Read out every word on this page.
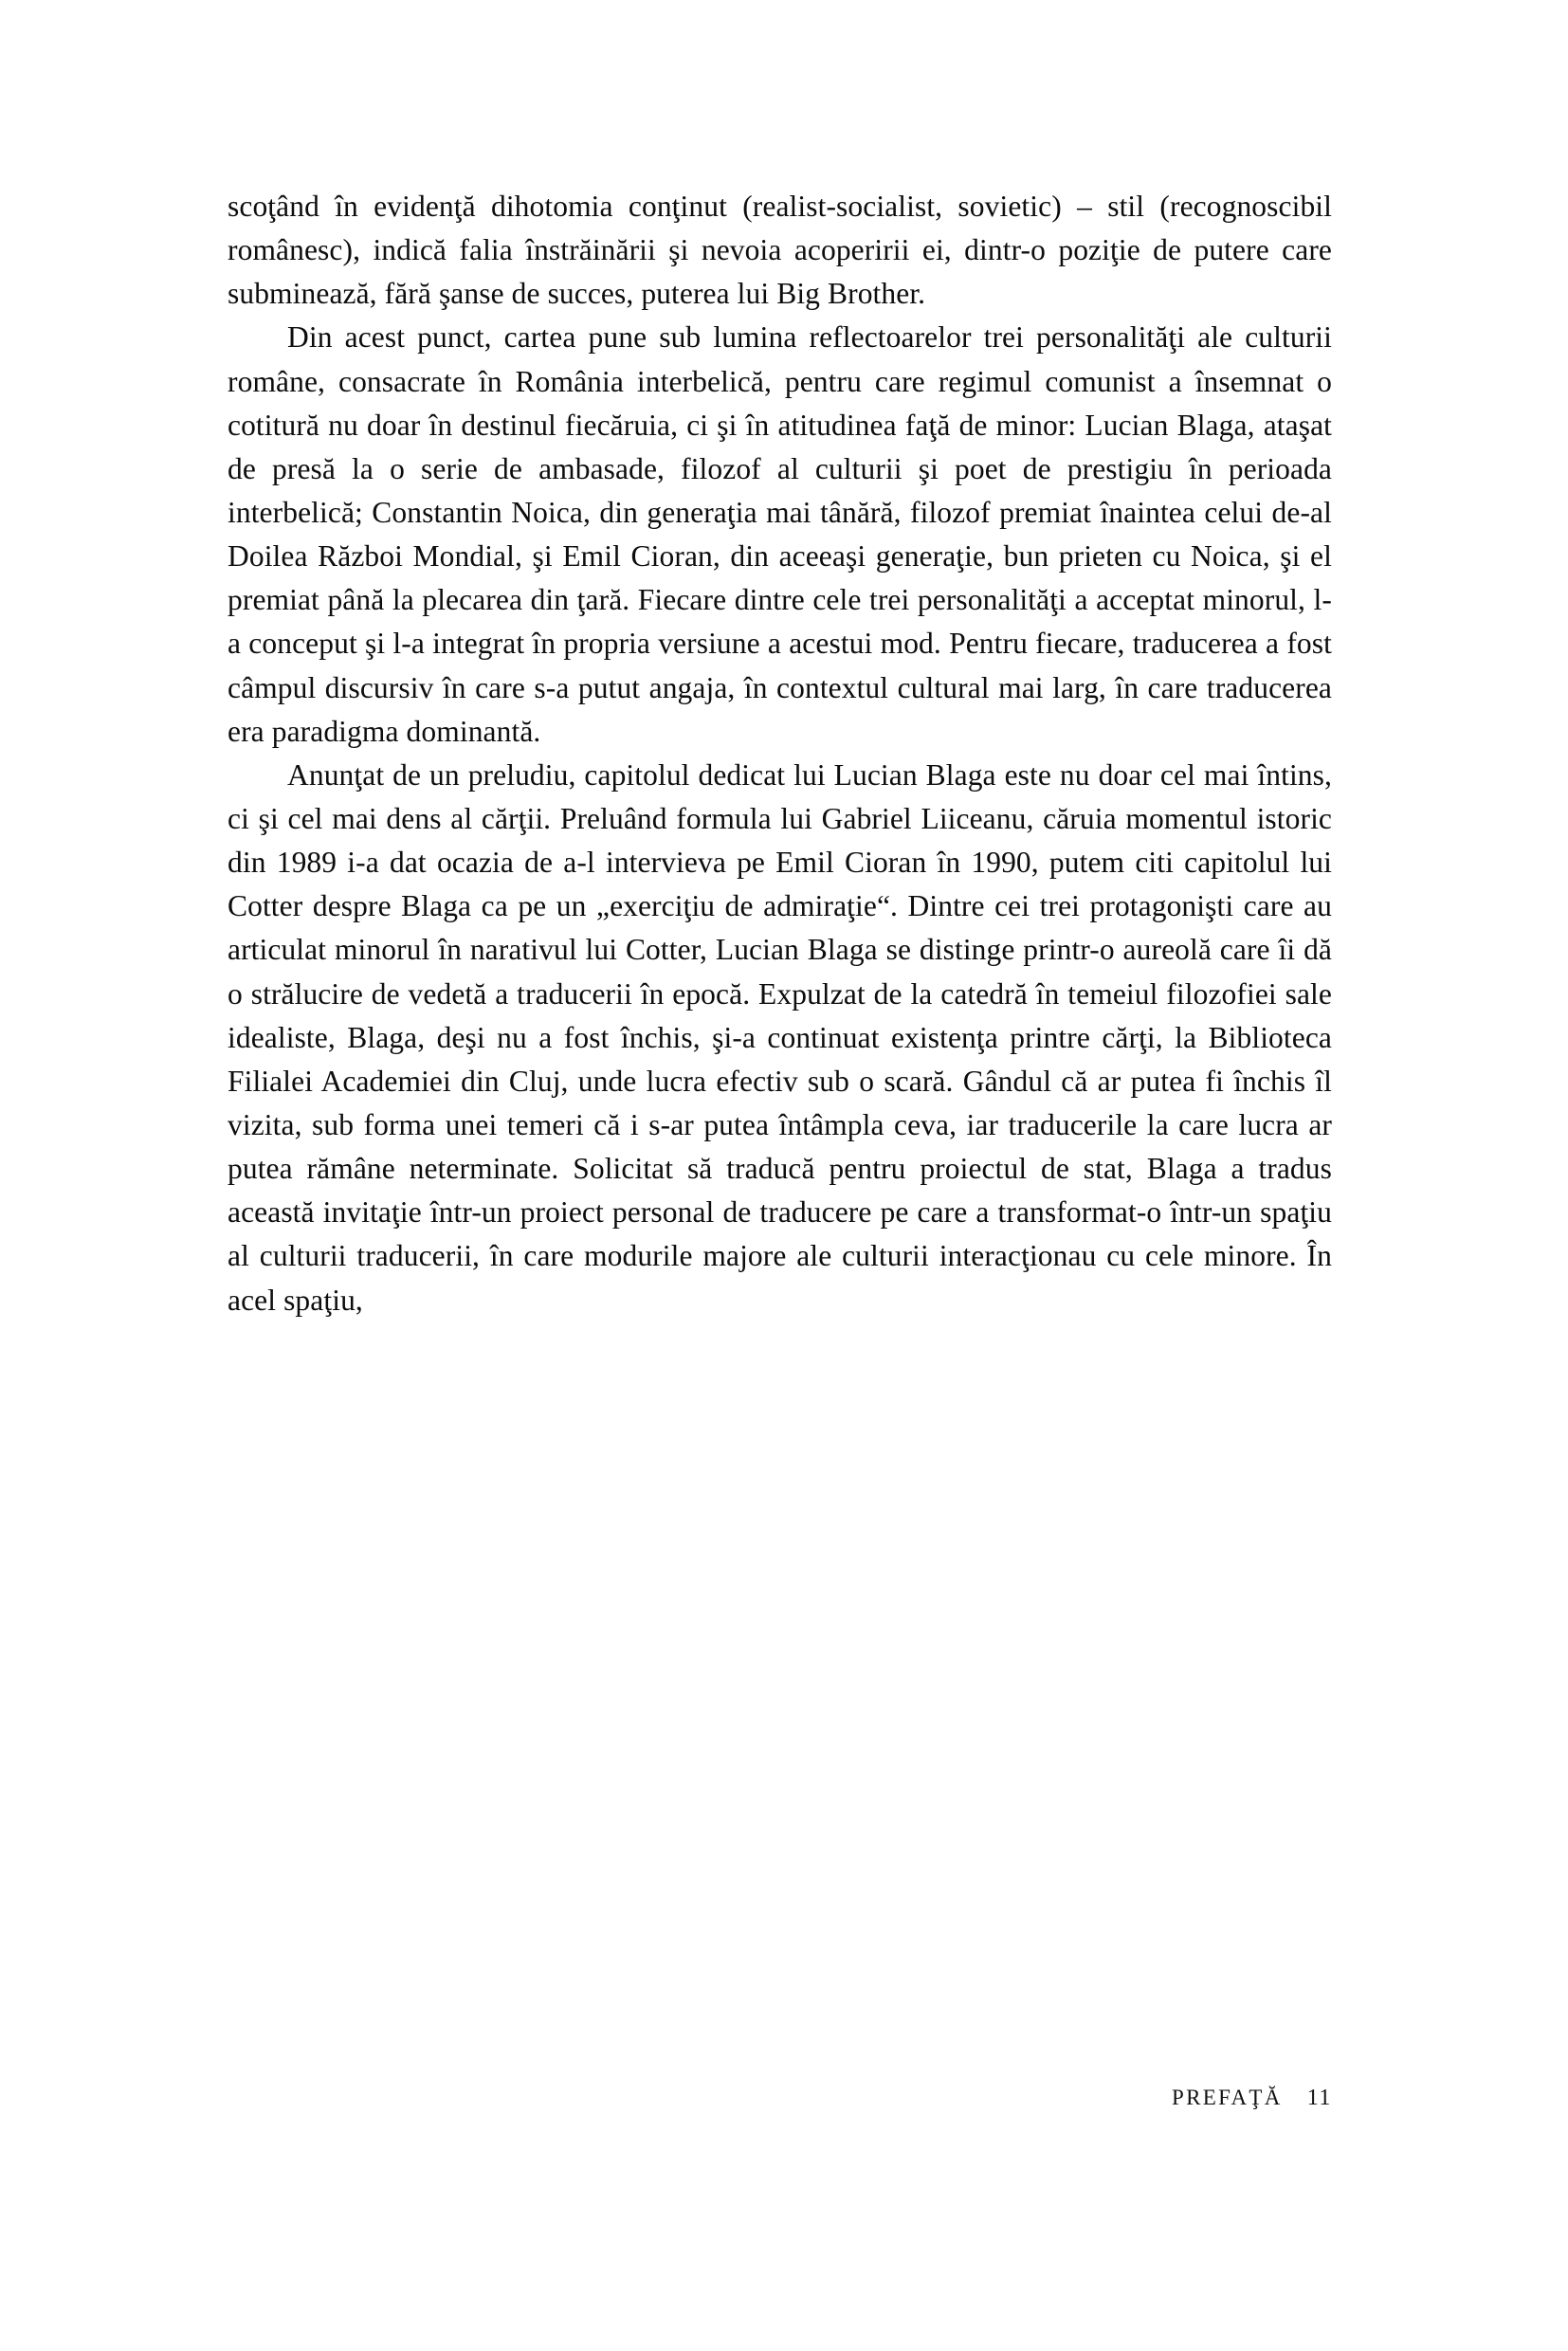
scoţând în evidenţă dihotomia conţinut (realist-socialist, sovietic) – stil (recognoscibil românesc), indică falia înstrăinării şi nevoia acoperirii ei, dintr-o poziţie de putere care subminează, fără şanse de succes, puterea lui Big Brother.

Din acest punct, cartea pune sub lumina reflectoarelor trei personalităţi ale culturii române, consacrate în România interbelică, pentru care regimul comunist a însemnat o cotitură nu doar în destinul fiecăruia, ci şi în atitudinea faţă de minor: Lucian Blaga, ataşat de presă la o serie de ambasade, filozof al culturii şi poet de prestigiu în perioada interbelică; Constantin Noica, din generaţia mai tânără, filozof premiat înaintea celui de-al Doilea Război Mondial, şi Emil Cioran, din aceeaşi generaţie, bun prieten cu Noica, şi el premiat până la plecarea din ţară. Fiecare dintre cele trei personalităţi a acceptat minorul, l-a conceput şi l-a integrat în propria versiune a acestui mod. Pentru fiecare, traducerea a fost câmpul discursiv în care s-a putut angaja, în contextul cultural mai larg, în care traducerea era paradigma dominantă.

Anunţat de un preludiu, capitolul dedicat lui Lucian Blaga este nu doar cel mai întins, ci şi cel mai dens al cărţii. Preluând formula lui Gabriel Liiceanu, căruia momentul istoric din 1989 i-a dat ocazia de a-l intervieva pe Emil Cioran în 1990, putem citi capitolul lui Cotter despre Blaga ca pe un „exerciţiu de admiraţie“. Dintre cei trei protagonişti care au articulat minorul în narativul lui Cotter, Lucian Blaga se distinge printr-o aureolă care îi dă o strălucire de vedetă a traducerii în epocă. Expulzat de la catedră în temeiul filozofiei sale idealiste, Blaga, deşi nu a fost închis, şi-a continuat existenţa printre cărţi, la Biblioteca Filialei Academiei din Cluj, unde lucra efectiv sub o scară. Gândul că ar putea fi închis îl vizita, sub forma unei temeri că i s-ar putea întâmpla ceva, iar traducerile la care lucra ar putea rămâne neterminate. Solicitat să traducă pentru proiectul de stat, Blaga a tradus această invitaţie într-un proiect personal de traducere pe care a transformat-o într-un spaţiu al culturii traducerii, în care modurile majore ale culturii interacţionau cu cele minore. În acel spaţiu,

PREFAŢĂ 11
